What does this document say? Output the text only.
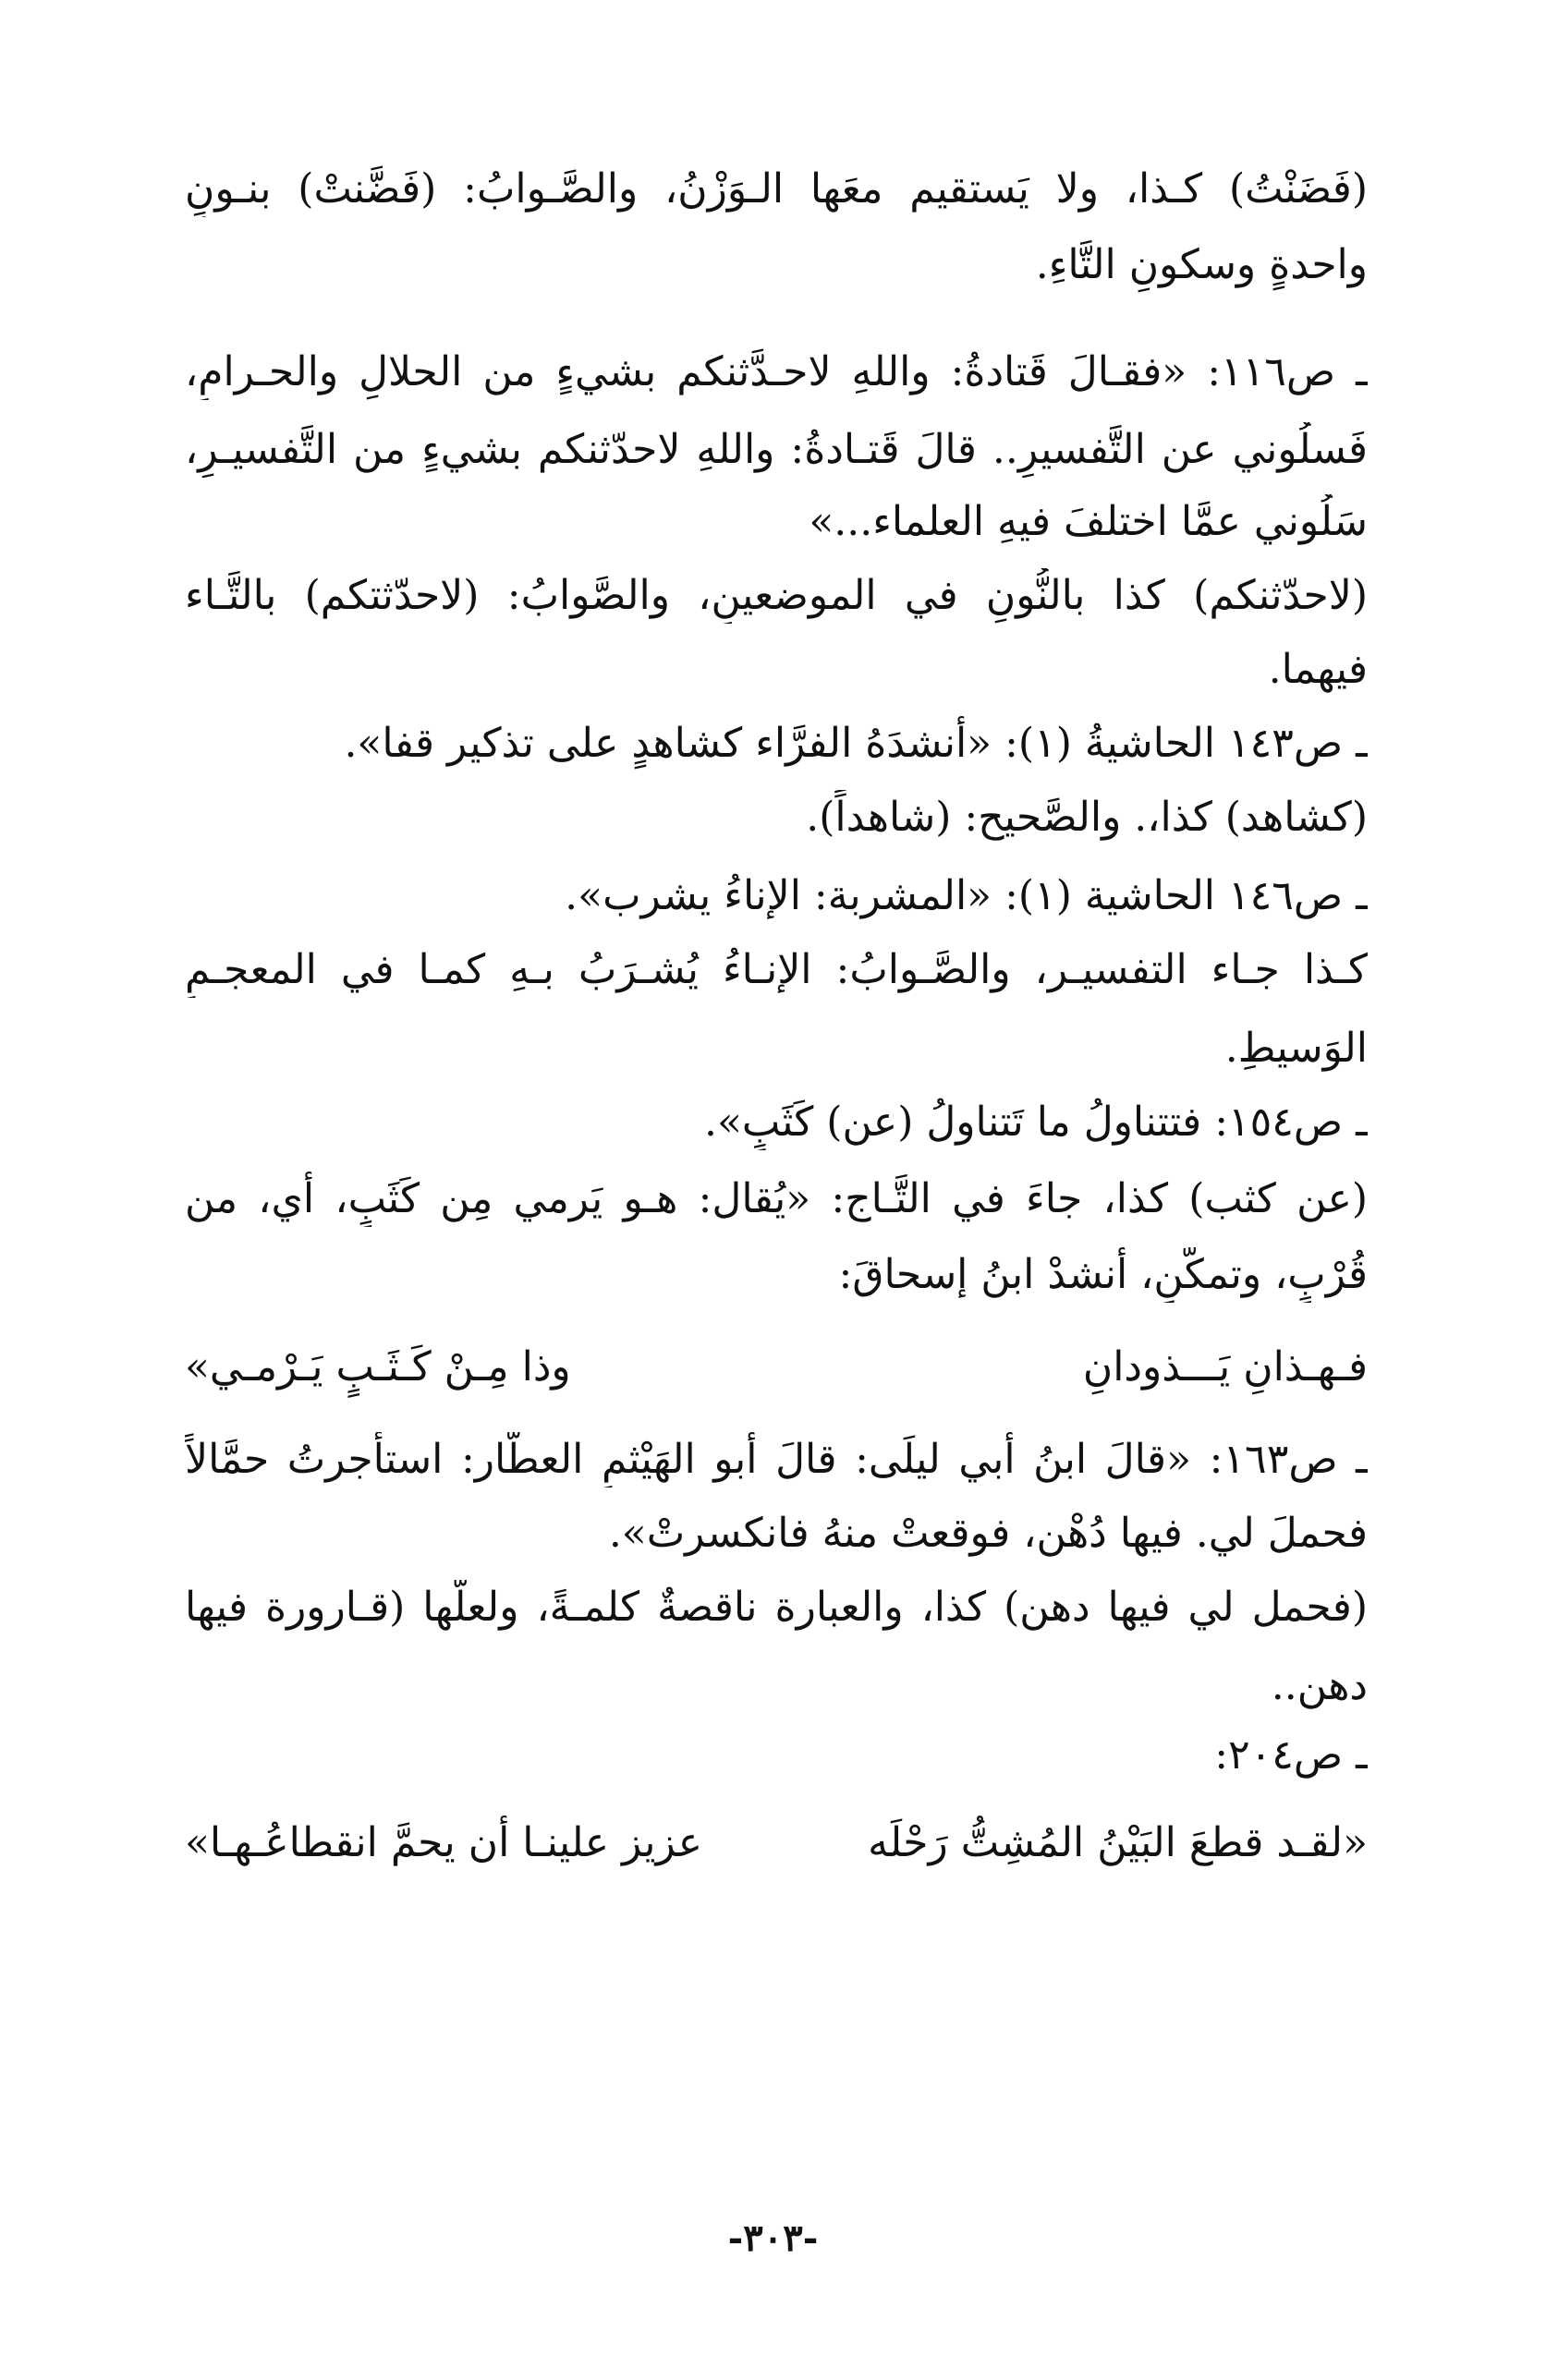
(فَضَنْتُ) كـذا، ولا يَستقيم معَها الـوَزْنُ، والصَّـوابُ: (فَضَّنتْ) بنـونٍ
واحدةٍ وسكونِ التَّاءِ.
ـ ص١١٦: «فقـالَ قَتادةُ: واللهِ لاحـدَّثنكم بشيءٍ من الحلالِ والحـرامِ،
فَسلُوني عن التَّفسيرِ.. قالَ قَتـادةُ: واللهِ لاحدّثنكم بشيءٍ من التَّفسيـرِ،
سَلُوني عمَّا اختلفَ فيهِ العلماء...»
(لاحدّثنكم) كذا بالنُّونِ في الموضعينِ، والصَّوابُ: (لاحدّثتكم) بالتَّـاء
فيهما.
ـ ص١٤٣ الحاشيةُ (١): «أَنشدَهُ الفرَّاء كشاهدٍ على تذكير قفا».
(كشاهد) كذا،. والصَّحيح: (شاهداً).
ـ ص١٤٦ الحاشية (١): «المشربة: الإناءُ يشرب».
كـذا جـاء التفسيـر، والصَّـوابُ: الإنـاءُ يُشـرَبُ بـهِ كمـا في المعجـمِ
الوَسيطِ.
ـ ص١٥٤: فتتناولُ ما تَتناولُ (عن) كَثَبٍ».
(عن كثب) كذا، جاءَ في التَّـاج: «يُقال: هـو يَرمي مِن كَثَبٍ، أي، من
قُرْبٍ، وتمكّنٍ، أنشدْ ابنُ إسحاقَ:
فـهـذانِ يَـــذودانِ
وذا مِـنْ كَـثَـبٍ يَـرْمـي»
ـ ص١٦٣: «قالَ ابنُ أَبي ليلَى: قالَ أبو الهَيْثمِ العطَّار: استأجرتُ حمَّالاً
فحملَ لي. فيها دُهْن، فوقعتْ منهُ فانكسرتْ».
(فحمل لي فيها دهن) كذا، والعبارة ناقصةٌ كلمـةً، ولعلَّها (قـارورة فيها
دهن..
ـ ص٢٠٤:
«لقـد قطعَ البَيْنُ المُشِتُّ رَحْلَه
عزيز علينـا أن يحمَّ انقطاعُـهـا»
-٣٠٣-
